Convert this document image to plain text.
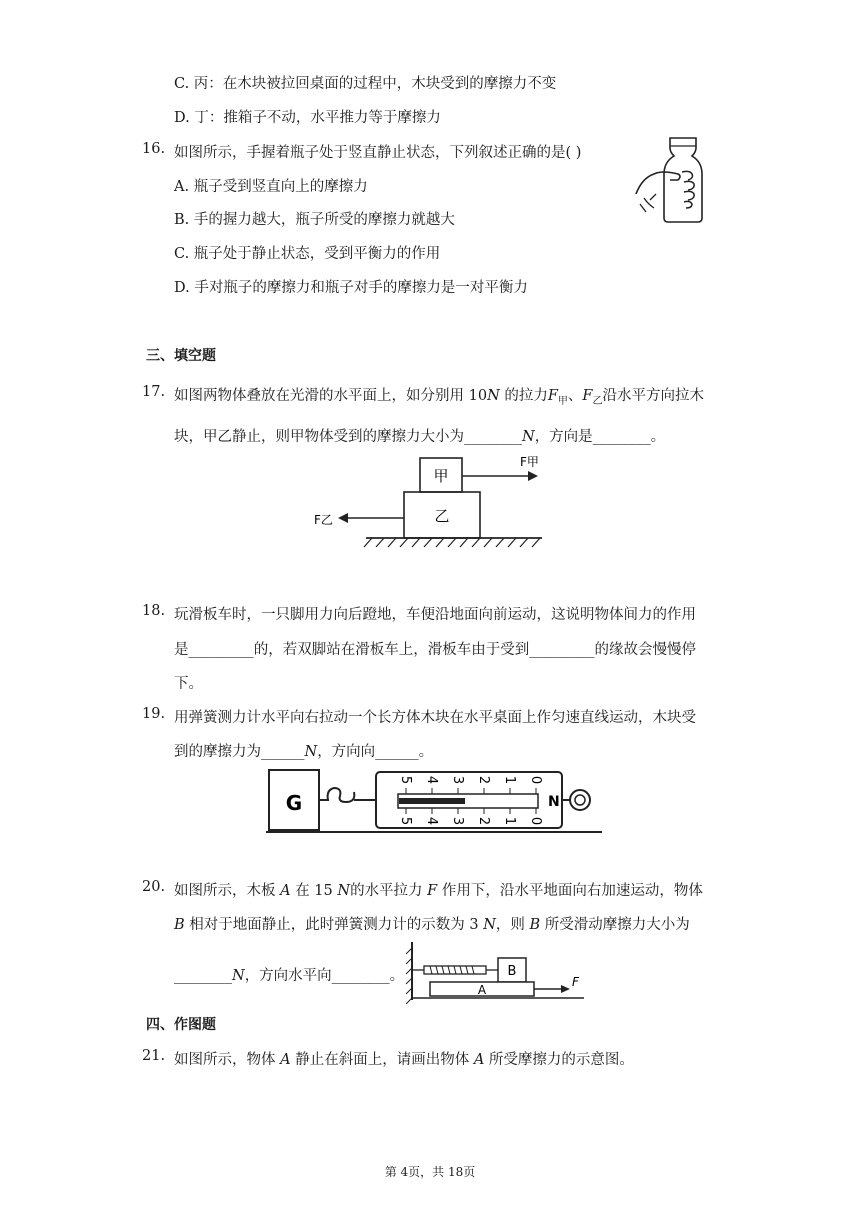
C. 丙：在木块被拉回桌面的过程中，木块受到的摩擦力不变
D. 丁：推箱子不动，水平推力等于摩擦力
16. 如图所示，手握着瓶子处于竖直静止状态，下列叙述正确的是( )
A. 瓶子受到竖直向上的摩擦力
B. 手的握力越大，瓶子所受的摩擦力就越大
C. 瓶子处于静止状态，受到平衡力的作用
D. 手对瓶子的摩擦力和瓶子对手的摩擦力是一对平衡力
三、填空题
17. 如图两物体叠放在光滑的水平面上，如分别用 10N 的拉力$F_甲$、$F_乙$沿水平方向拉木
块，甲乙静止，则甲物体受到的摩擦力大小为________N，方向是________。
甲
乙
F甲
F乙
18. 玩滑板车时，一只脚用力向后蹬地，车便沿地面向前运动，这说明物体间力的作用
是_________的，若双脚站在滑板车上，滑板车由于受到_________的缘故会慢慢停
下。
19. 用弹簧测力计水平向右拉动一个长方体木块在水平桌面上作匀速直线运动，木块受
到的摩擦力为______N，方向向______。
G
5 4 3 2 1 0
5 4 3 2 1 0
N
20. 如图所示，木板 A 在 15 N的水平拉力 F 作用下，沿水平地面向右加速运动，物体
B 相对于地面静止，此时弹簧测力计的示数为 3 N，则 B 所受滑动摩擦力大小为
________N，方向水平向________。	B
A
F
四、作图题
21. 如图所示，物体 A 静止在斜面上，请画出物体 A 所受摩擦力的示意图。
第 4页，共 18页
